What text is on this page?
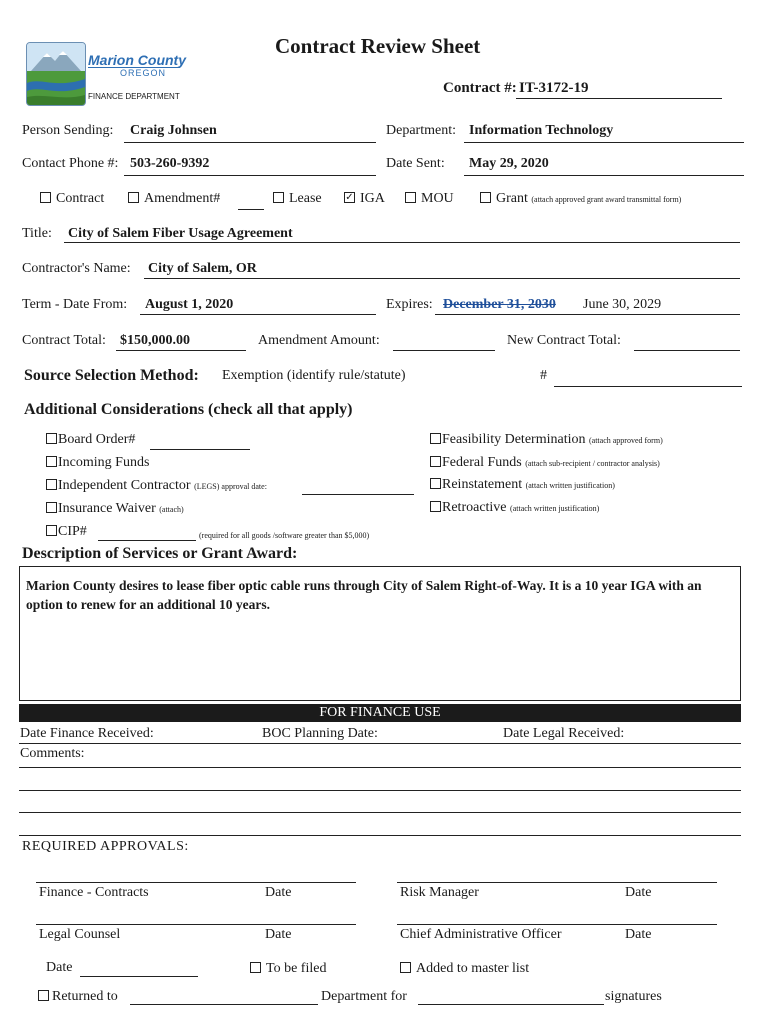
Marion County
OREGON
FINANCE DEPARTMENT
Contract Review Sheet
Contract #: IT-3172-19
Person Sending: Craig Johnsen	Department: Information Technology
Contact Phone #: 503-260-9392	Date Sent: May 29, 2020
Contract	Amendment#	Lease ✓ IGA	MOU	Grant (attach approved grant award transmittal form)
Title: City of Salem Fiber Usage Agreement
Contractor's Name: City of Salem, OR
Term - Date From: August 1, 2020	Expires: December 31, 2030 June 30, 2029
Contract Total: $150,000.00	Amendment Amount:	New Contract Total:
Source Selection Method: Exemption (identify rule/statute)	#
Additional Considerations (check all that apply)
Board Order#
Incoming Funds
Independent Contractor (LEGS) approval date:
Insurance Waiver (attach)
CIP#	(required for all goods /software greater than $5,000)
Feasibility Determination (attach approved form)
Federal Funds (attach sub-recipient / contractor analysis)
Reinstatement (attach written justification)
Retroactive (attach written justification)
Description of Services or Grant Award:
Marion County desires to lease fiber optic cable runs through City of Salem Right-of-Way. It is a 10 year IGA with an option to renew for an additional 10 years.
FOR FINANCE USE
Date Finance Received:	BOC Planning Date:	Date Legal Received:
Comments:
REQUIRED APPROVALS:
Finance - Contracts	Date	Risk Manager	Date
Legal Counsel	Date	Chief Administrative Officer	Date
Date	To be filed	Added to master list
Returned to	Department for	signatures
